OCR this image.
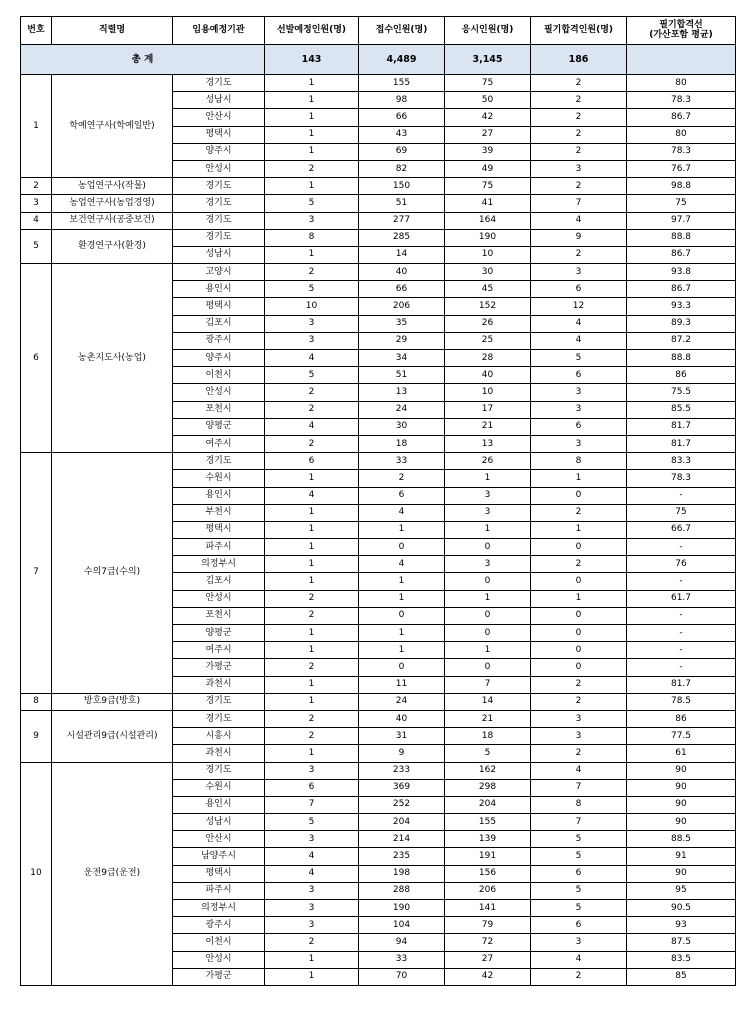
번호	직렬명	임용예정기관	선발예정인원(명)	접수인원(명)	응시인원(명)	필기합격인원(명)	필기합격선
(가산포함 평균)

총 계			143	4,489	3,145	186	
1	학예연구사(학예일반)	경기도	1	155	75	2	80
		성남시	1	98	50	2	78.3
		안산시	1	66	42	2	86.7
		평택시	1	43	27	2	80
		양주시	1	69	39	2	78.3
		안성시	2	82	49	3	76.7
2	농업연구사(작물)	경기도	1	150	75	2	98.8
3	농업연구사(농업경영)	경기도	5	51	41	7	75
4	보건연구사(공중보건)	경기도	3	277	164	4	97.7
5	환경연구사(환경)	경기도	8	285	190	9	88.8
		성남시	1	14	10	2	86.7
6	농촌지도사(농업)	고양시	2	40	30	3	93.8
		용인시	5	66	45	6	86.7
		평택시	10	206	152	12	93.3
		김포시	3	35	26	4	89.3
		광주시	3	29	25	4	87.2
		양주시	4	34	28	5	88.8
		이천시	5	51	40	6	86
		안성시	2	13	10	3	75.5
		포천시	2	24	17	3	85.5
		양평군	4	30	21	6	81.7
		여주시	2	18	13	3	81.7
7	수의7급(수의)	경기도	6	33	26	8	83.3
		수원시	1	2	1	1	78.3
		용인시	4	6	3	0	-
		부천시	1	4	3	2	75
		평택시	1	1	1	1	66.7
		파주시	1	0	0	0	-
		의정부시	1	4	3	2	76
		김포시	1	1	0	0	-
		안성시	2	1	1	1	61.7
		포천시	2	0	0	0	-
		양평군	1	1	0	0	-
		여주시	1	1	1	0	-
		가평군	2	0	0	0	-
		과천시	1	11	7	2	81.7
8	방호9급(방호)	경기도	1	24	14	2	78.5
9	시설관리9급(시설관리)	경기도	2	40	21	3	86
		시흥시	2	31	18	3	77.5
		과천시	1	9	5	2	61
10	운전9급(운전)	경기도	3	233	162	4	90
		수원시	6	369	298	7	90
		용인시	7	252	204	8	90
		성남시	5	204	155	7	90
		안산시	3	214	139	5	88.5
		남양주시	4	235	191	5	91
		평택시	4	198	156	6	90
		파주시	3	288	206	5	95
		의정부시	3	190	141	5	90.5
		광주시	3	104	79	6	93
		이천시	2	94	72	3	87.5
		안성시	1	33	27	4	83.5
		가평군	1	70	42	2	85
